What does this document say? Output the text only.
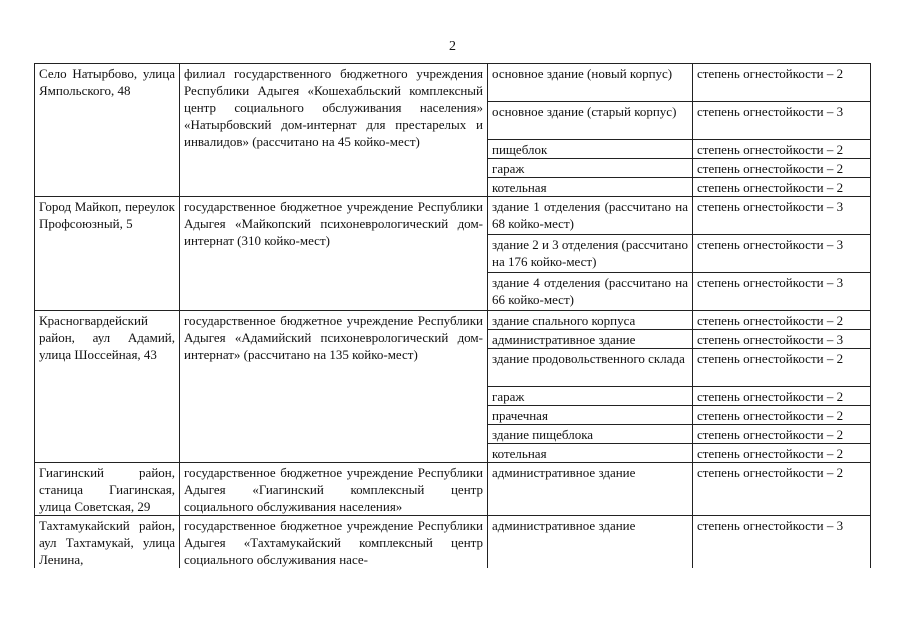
2
Село Натырбово, улица Ямпольского, 48	филиал государственного бюджетного учреждения Республики Адыгея «Кошехабльский комплексный центр социального обслуживания населения» «Натырбовский дом-интернат для престарелых и инвалидов» (рассчитано на 45 койко-мест)	основное здание (новый корпус)	степень огнестойкости – 2
		основное здание (старый корпус)	степень огнестойкости – 3
		пищеблок	степень огнестойкости – 2
		гараж	степень огнестойкости – 2
		котельная	степень огнестойкости – 2
Город Майкоп, переулок Профсоюзный, 5	государственное бюджетное учреждение Республики Адыгея «Майкопский психоневрологический дом-интернат (310 койко-мест)	здание 1 отделения (рассчитано на 68 койко-мест)	степень огнестойкости – 3
		здание 2 и 3 отделения (рассчитано на 176 койко-мест)	степень огнестойкости – 3
		здание 4 отделения (рассчитано на 66 койко-мест)	степень огнестойкости – 3
Красногвардейский район, аул Адамий, улица Шоссейная, 43	государственное бюджетное учреждение Республики Адыгея «Адамийский психоневрологический дом-интернат» (рассчитано на 135 койко-мест)	здание спального корпуса	степень огнестойкости – 2
		административное здание	степень огнестойкости – 3
		здание продовольственного склада	степень огнестойкости – 2
		гараж	степень огнестойкости – 2
		прачечная	степень огнестойкости – 2
		здание пищеблока	степень огнестойкости – 2
		котельная	степень огнестойкости – 2
Гиагинский район, станица Гиагинская, улица Советская, 29	государственное бюджетное учреждение Республики Адыгея «Гиагинский комплексный центр социального обслуживания населения»	административное здание	степень огнестойкости – 2
Тахтамукайский район, аул Тахтамукай, улица Ленина,	государственное бюджетное учреждение Республики Адыгея «Тахтамукайский комплексный центр социального обслуживания насе-	административное здание	степень огнестойкости – 3
